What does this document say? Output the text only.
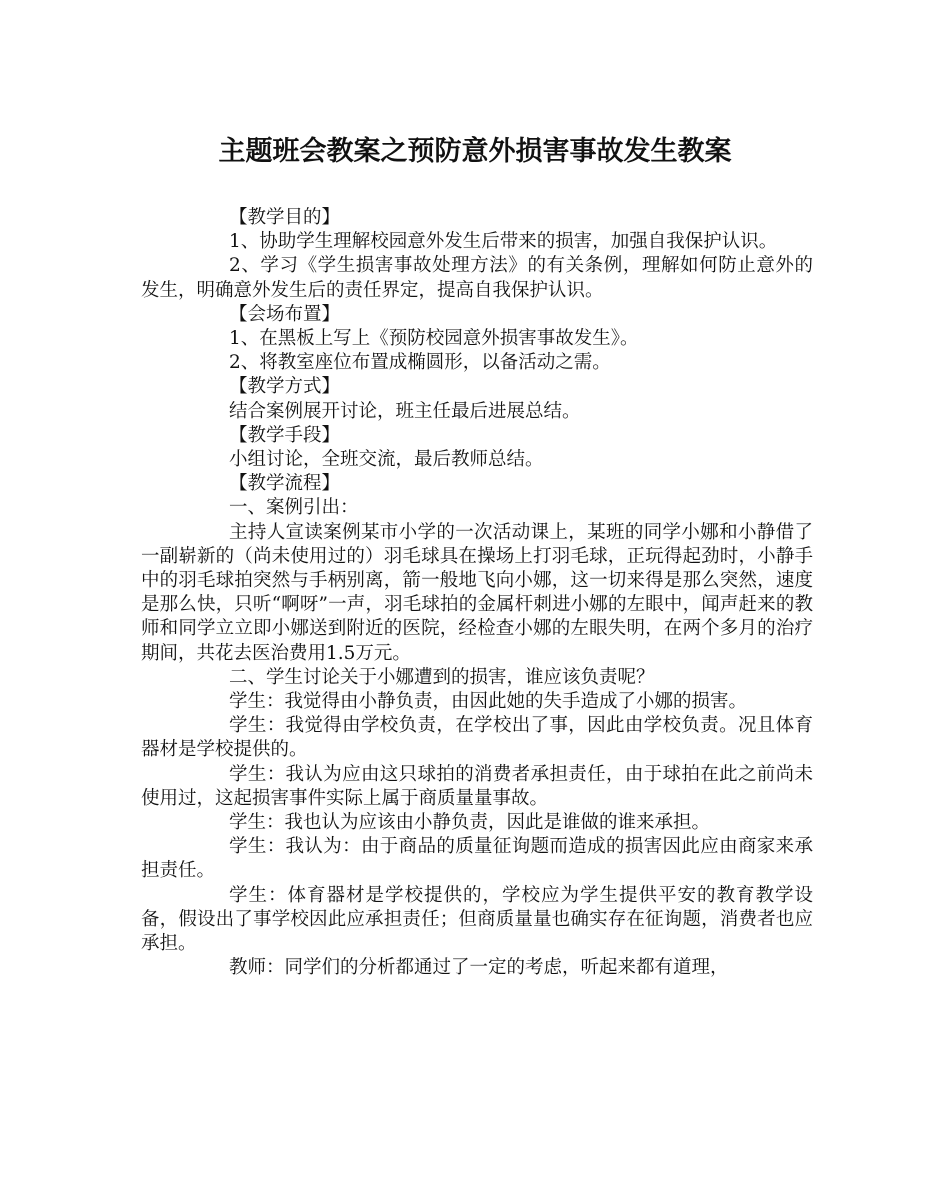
主题班会教案之预防意外损害事故发生教案

【教学目的】

1、协助学生理解校园意外发生后带来的损害，加强自我保护认识。

2、学习《学生损害事故处理方法》的有关条例，理解如何防止意外的发生，明确意外发生后的责任界定，提高自我保护认识。

【会场布置】

1、在黑板上写上《预防校园意外损害事故发生》。

2、将教室座位布置成椭圆形，以备活动之需。

【教学方式】

结合案例展开讨论，班主任最后进展总结。

【教学手段】

小组讨论，全班交流，最后教师总结。

【教学流程】

一、案例引出：

主持人宣读案例某市小学的一次活动课上，某班的同学小娜和小静借了一副崭新的（尚未使用过的）羽毛球具在操场上打羽毛球，正玩得起劲时，小静手中的羽毛球拍突然与手柄别离，箭一般地飞向小娜，这一切来得是那么突然，速度是那么快，只听“啊呀”一声，羽毛球拍的金属杆刺进小娜的左眼中，闻声赶来的教师和同学立立即小娜送到附近的医院，经检查小娜的左眼失明，在两个多月的治疗期间，共花去医治费用1.5万元。

二、学生讨论关于小娜遭到的损害，谁应该负责呢？

学生：我觉得由小静负责，由因此她的失手造成了小娜的损害。

学生：我觉得由学校负责，在学校出了事，因此由学校负责。况且体育器材是学校提供的。

学生：我认为应由这只球拍的消费者承担责任，由于球拍在此之前尚未使用过，这起损害事件实际上属于商质量量事故。

学生：我也认为应该由小静负责，因此是谁做的谁来承担。

学生：我认为：由于商品的质量征询题而造成的损害因此应由商家来承担责任。

学生：体育器材是学校提供的，学校应为学生提供平安的教育教学设备，假设出了事学校因此应承担责任；但商质量量也确实存在征询题，消费者也应承担。

教师：同学们的分析都通过了一定的考虑，听起来都有道理，
